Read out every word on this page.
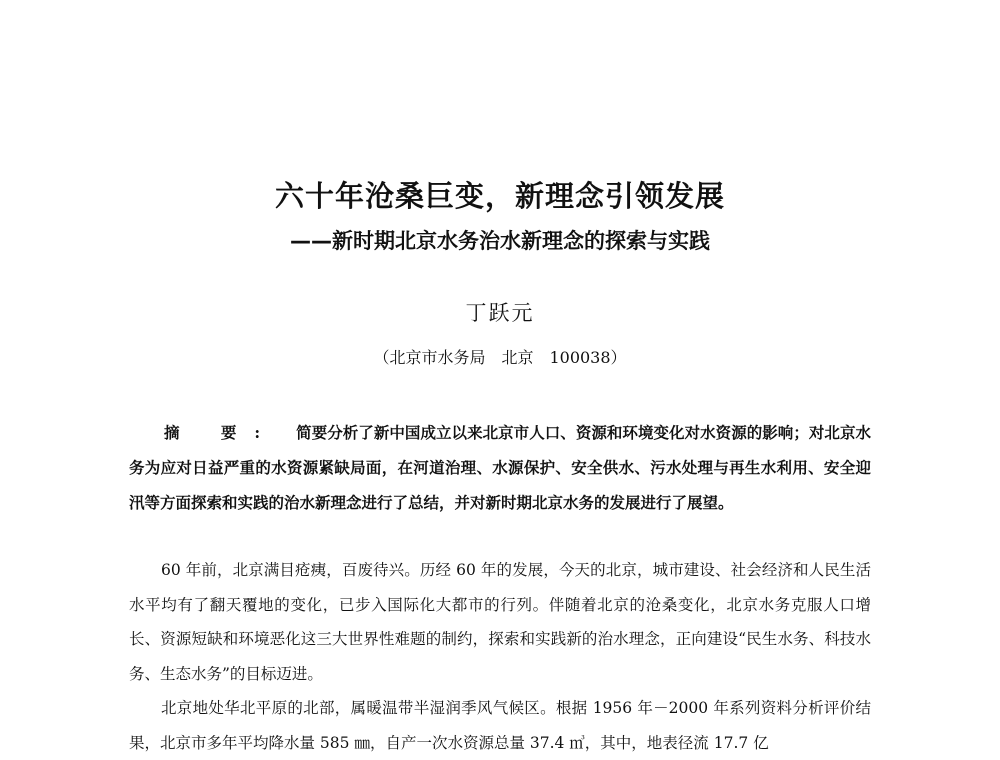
六十年沧桑巨变，新理念引领发展
——新时期北京水务治水新理念的探索与实践
丁跃元
（北京市水务局　北京　100038）
摘 要: 简要分析了新中国成立以来北京市人口、资源和环境变化对水资源的影响；对北京水务为应对日益严重的水资源紧缺局面，在河道治理、水源保护、安全供水、污水处理与再生水利用、安全迎汛等方面探索和实践的治水新理念进行了总结，并对新时期北京水务的发展进行了展望。

60 年前，北京满目疮痍，百废待兴。历经 60 年的发展，今天的北京，城市建设、社会经济和人民生活水平均有了翻天覆地的变化，已步入国际化大都市的行列。伴随着北京的沧桑变化，北京水务克服人口增长、资源短缺和环境恶化这三大世界性难题的制约，探索和实践新的治水理念，正向建设“民生水务、科技水务、生态水务”的目标迈进。

北京地处华北平原的北部，属暖温带半湿润季风气候区。根据 1956 年－2000 年系列资料分析评价结果，北京市多年平均降水量 585 ㎜，自产一次水资源总量 37.4 ㎥，其中，地表径流 17.7 亿
